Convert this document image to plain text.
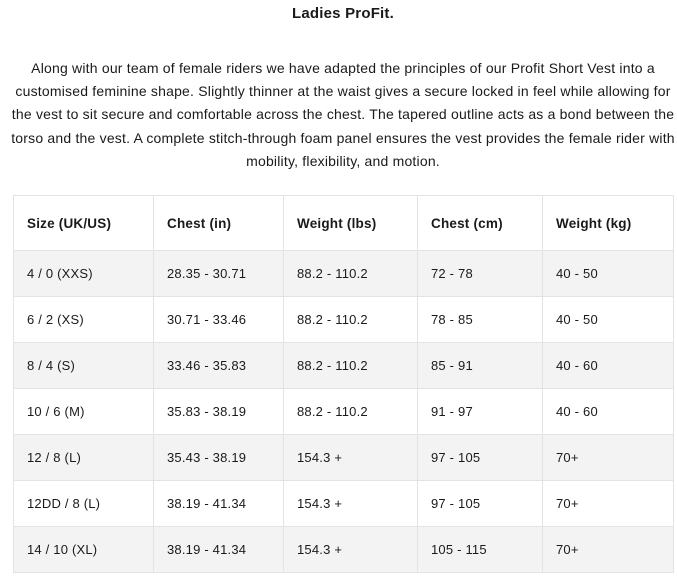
Ladies ProFit.
Along with our team of female riders we have adapted the principles of our Profit Short Vest into a customised feminine shape. Slightly thinner at the waist gives a secure locked in feel while allowing for the vest to sit secure and comfortable across the chest. The tapered outline acts as a bond between the torso and the vest. A complete stitch-through foam panel ensures the vest provides the female rider with mobility, flexibility, and motion.
Size (UK/US)	Chest (in)	Weight (lbs)	Chest (cm)	Weight (kg)
4 / 0 (XXS)	28.35 - 30.71	88.2 - 110.2	72 - 78	40 - 50
6 / 2 (XS)	30.71 - 33.46	88.2 - 110.2	78 - 85	40 - 50
8 / 4 (S)	33.46 - 35.83	88.2 - 110.2	85 - 91	40 - 60
10 / 6 (M)	35.83 - 38.19	88.2 - 110.2	91 - 97	40 - 60
12 / 8 (L)	35.43 - 38.19	154.3 +	97 - 105	70+
12DD / 8 (L)	38.19 - 41.34	154.3 +	97 - 105	70+
14 / 10 (XL)	38.19 - 41.34	154.3 +	105 - 115	70+
